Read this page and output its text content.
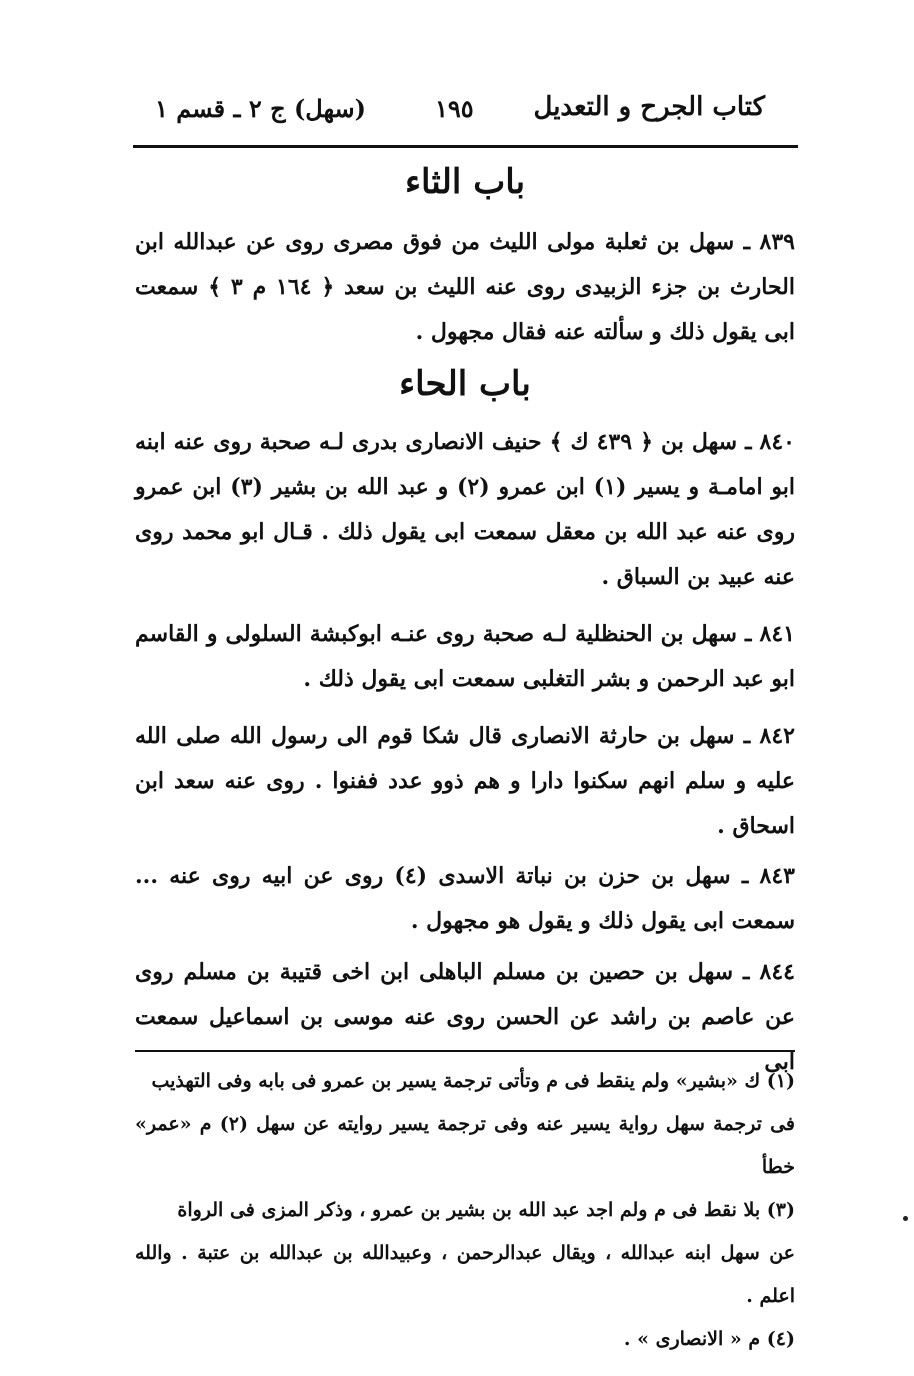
كتاب الجرح و التعديل
١٩٥
(سهل) ج ٢ ـ قسم ١
باب الثاء
٨٣٩ ـ سهل بن ثعلبة مولى الليث من فوق مصرى روى عن عبدالله ابن الحارث بن جزء الزبيدى روى عنه الليث بن سعد ﴿ ١٦٤ م ٣ ﴾ سمعت ابى يقول ذلك و سألته عنه فقال مجهول .
باب الحاء
٨٤٠ ـ سهل بن ﴿ ٤٣٩ ك ﴾ حنيف الانصارى بدرى لـه صحبة روى عنه ابنه ابو امامـة و يسير (١) ابن عمرو (٢) و عبد الله بن بشير (٣) ابن عمرو روى عنه عبد الله بن معقل سمعت ابى يقول ذلك . قـال ابو محمد روى عنه عبيد بن السباق .
٨٤١ ـ سهل بن الحنظلية لـه صحبة روى عنـه ابوكبشة السلولى و القاسم ابو عبد الرحمن و بشر التغلبى سمعت ابى يقول ذلك .
٨٤٢ ـ سهل بن حارثة الانصارى قال شكا قوم الى رسول الله صلى الله عليه و سلم انهم سكنوا دارا و هم ذوو عدد ففنوا . روى عنه سعد ابن اسحاق .
٨٤٣ ـ سهل بن حزن بن نباتة الاسدى (٤) روى عن ابيه روى عنه ... سمعت ابى يقول ذلك و يقول هو مجهول .
٨٤٤ ـ سهل بن حصين بن مسلم الباهلى ابن اخى قتيبة بن مسلم روى عن عاصم بن راشد عن الحسن روى عنه موسى بن اسماعيل سمعت ابى
(١) ك «بشير» ولم ينقط فى م وتأتى ترجمة يسير بن عمرو فى بابه وفى التهذيب
فى ترجمة سهل رواية يسير عنه وفى ترجمة يسير روايته عن سهل (٢) م «عمر» خطأ
(٣) بلا نقط فى م ولم اجد عبد الله بن بشير بن عمرو ، وذكر المزى فى الرواة
عن سهل ابنه عبدالله ، ويقال عبدالرحمن ، وعبيدالله بن عبدالله بن عتبة . والله اعلم .
(٤) م « الانصارى » .
